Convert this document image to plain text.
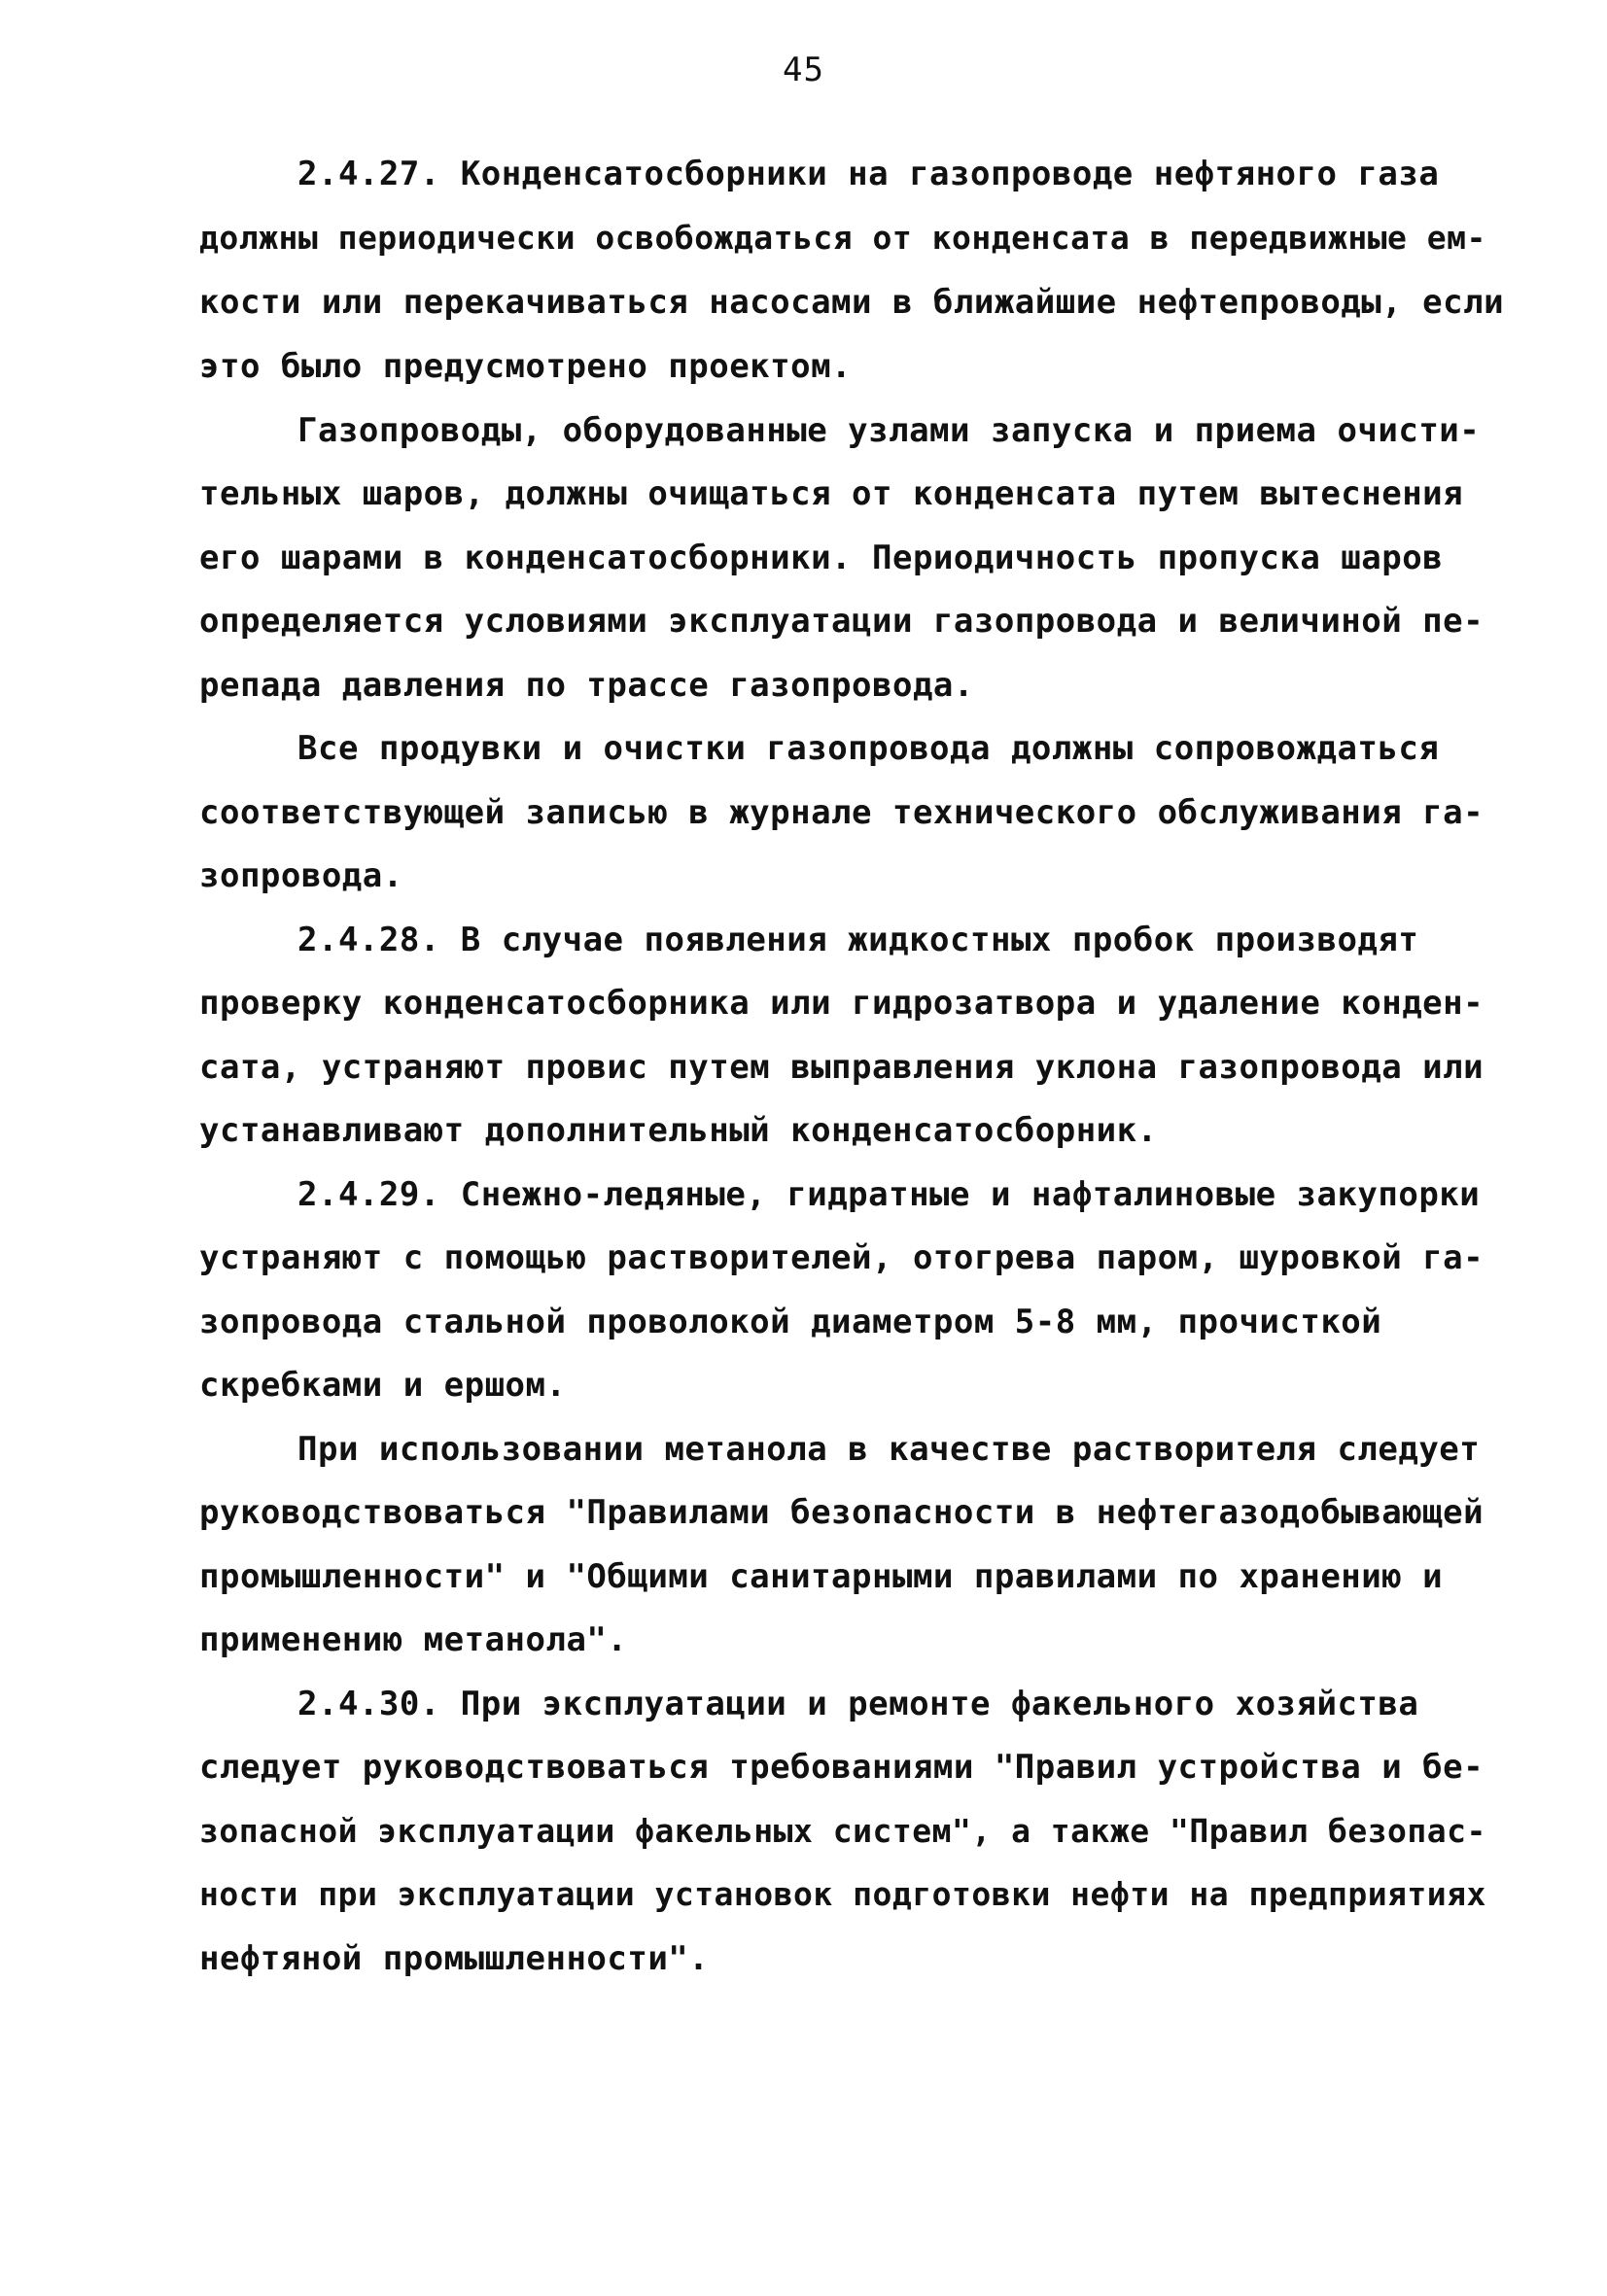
45
2.4.27. Конденсатосборники на газопроводе нефтяного газа
должны периодически освобождаться от конденсата в передвижные ем-
кости или перекачиваться насосами в ближайшие нефтепроводы, если
это было предусмотрено проектом.
Газопроводы, оборудованные узлами запуска и приема очисти-
тельных шаров, должны очищаться от конденсата путем вытеснения
его шарами в конденсатосборники. Периодичность пропуска шаров
определяется условиями эксплуатации газопровода и величиной пе-
репада давления по трассе газопровода.
Все продувки и очистки газопровода должны сопровождаться
соответствующей записью в журнале технического обслуживания га-
зопровода.
2.4.28. В случае появления жидкостных пробок производят
проверку конденсатосборника или гидрозатвора и удаление конден-
сата, устраняют провис путем выправления уклона газопровода или
устанавливают дополнительный конденсатосборник.
2.4.29. Снежно-ледяные, гидратные и нафталиновые закупорки
устраняют с помощью растворителей, отогрева паром, шуровкой га-
зопровода стальной проволокой диаметром 5-8 мм, прочисткой
скребками и ершом.
При использовании метанола в качестве растворителя следует
руководствоваться "Правилами безопасности в нефтегазодобывающей
промышленности" и "Общими санитарными правилами по хранению и
применению метанола".
2.4.30. При эксплуатации и ремонте факельного хозяйства
следует руководствоваться требованиями "Правил устройства и бе-
зопасной эксплуатации факельных систем", а также "Правил безопас-
ности при эксплуатации установок подготовки нефти на предприятиях
нефтяной промышленности".
